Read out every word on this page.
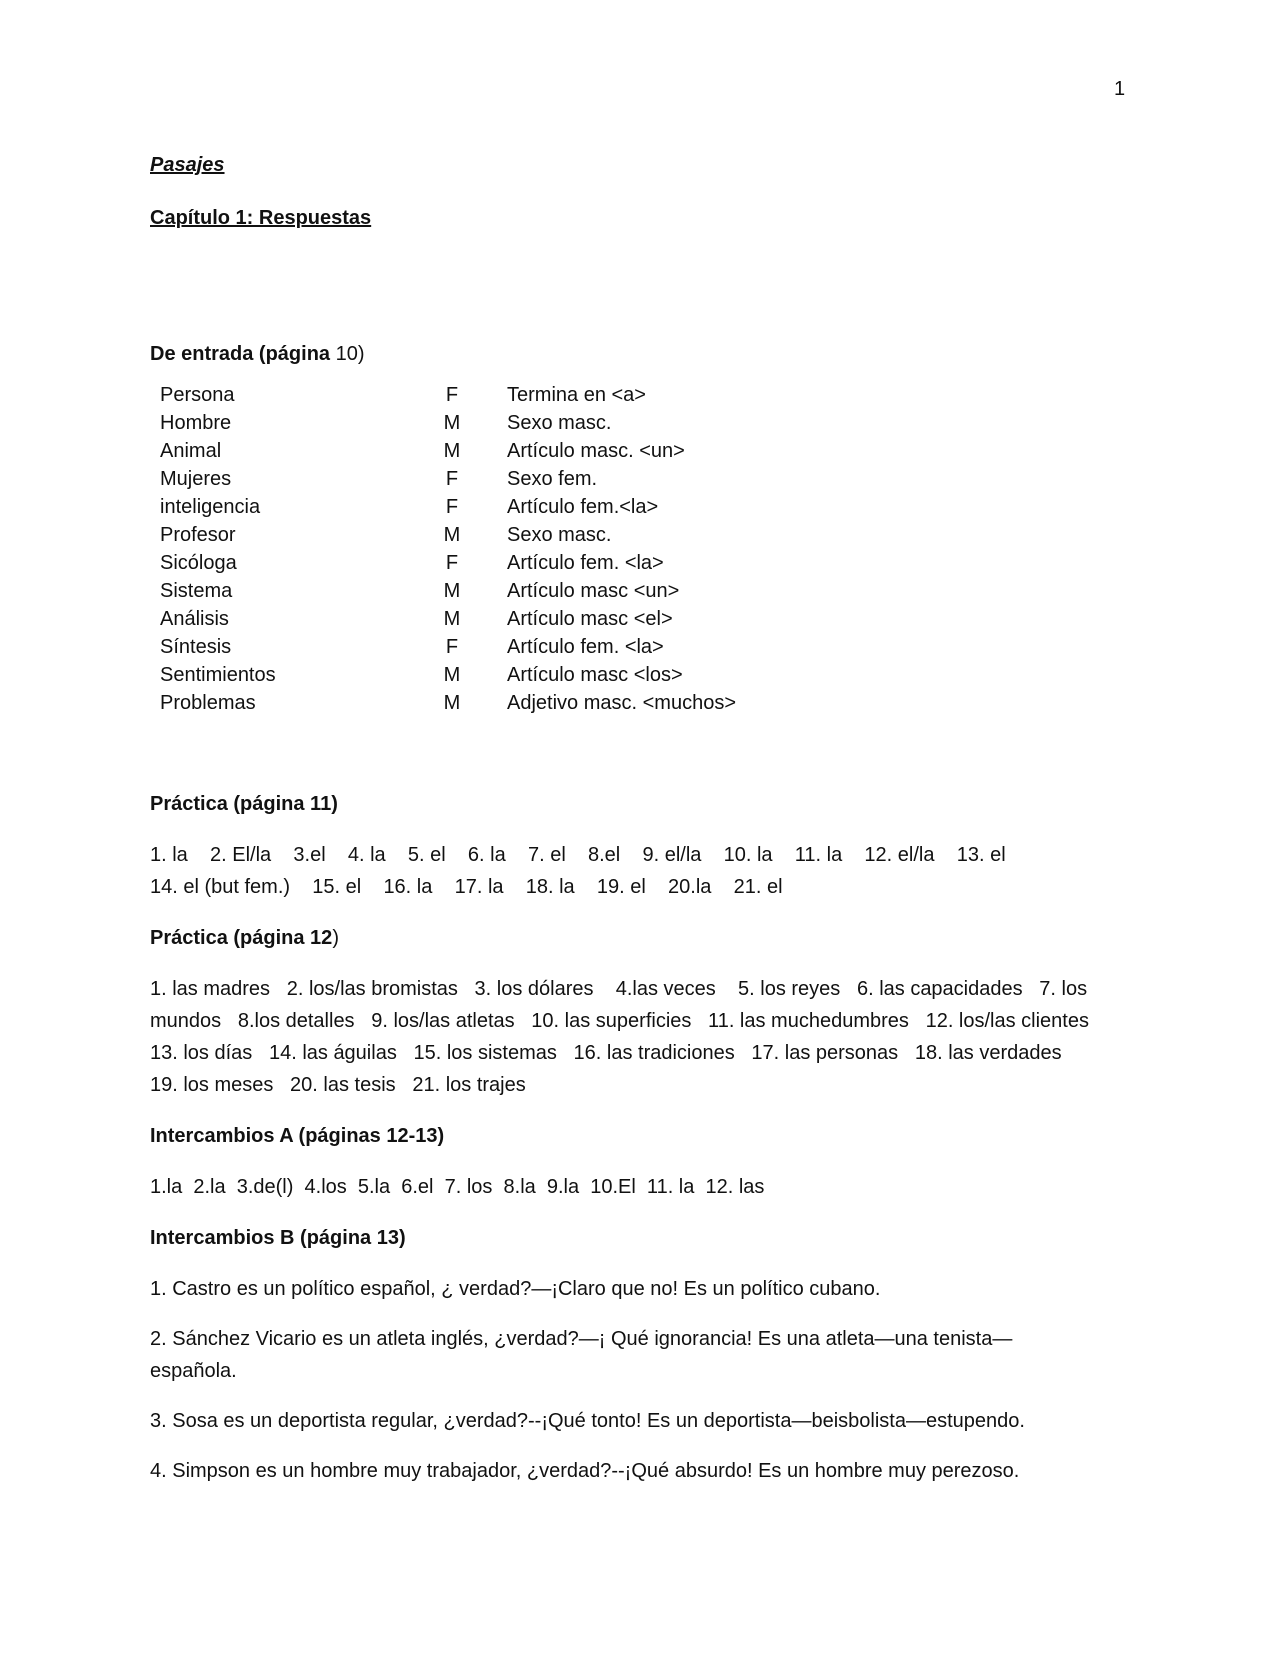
1

Pasajes

Capítulo 1: Respuestas

De entrada (página 10)

Persona	F	Termina en <a>
Hombre	M	Sexo masc.
Animal	M	Artículo masc. <un>
Mujeres	F	Sexo fem.
inteligencia	F	Artículo fem.<la>
Profesor	M	Sexo masc.
Sicóloga	F	Artículo fem. <la>
Sistema	M	Artículo masc <un>
Análisis	M	Artículo masc <el>
Síntesis	F	Artículo fem. <la>
Sentimientos	M	Artículo masc <los>
Problemas	M	Adjetivo masc. <muchos>

Práctica (página 11)

1. la    2. El/la    3.el    4. la    5. el    6. la    7. el    8.el    9. el/la    10. la    11. la    12. el/la    13. el

14. el (but fem.)    15. el    16. la    17. la    18. la    19. el    20.la    21. el

Práctica (página 12)

1. las madres   2. los/las bromistas   3. los dólares    4.las veces    5. los reyes   6. las capacidades   7. los

mundos   8.los detalles   9. los/las atletas   10. las superficies   11. las muchedumbres   12. los/las clientes

13. los días   14. las águilas   15. los sistemas   16. las tradiciones   17. las personas   18. las verdades

19. los meses   20. las tesis   21. los trajes

Intercambios A (páginas 12-13)

1.la  2.la  3.de(l)  4.los  5.la  6.el  7. los  8.la  9.la  10.El  11. la  12. las

Intercambios B (página 13)

1. Castro es un político español, ¿ verdad?—¡Claro que no! Es un político cubano.

2. Sánchez Vicario es un atleta inglés, ¿verdad?—¡ Qué ignorancia! Es una atleta—una tenista—

española.

3. Sosa es un deportista regular, ¿verdad?--¡Qué tonto! Es un deportista—beisbolista—estupendo.

4. Simpson es un hombre muy trabajador, ¿verdad?--¡Qué absurdo! Es un hombre muy perezoso.
